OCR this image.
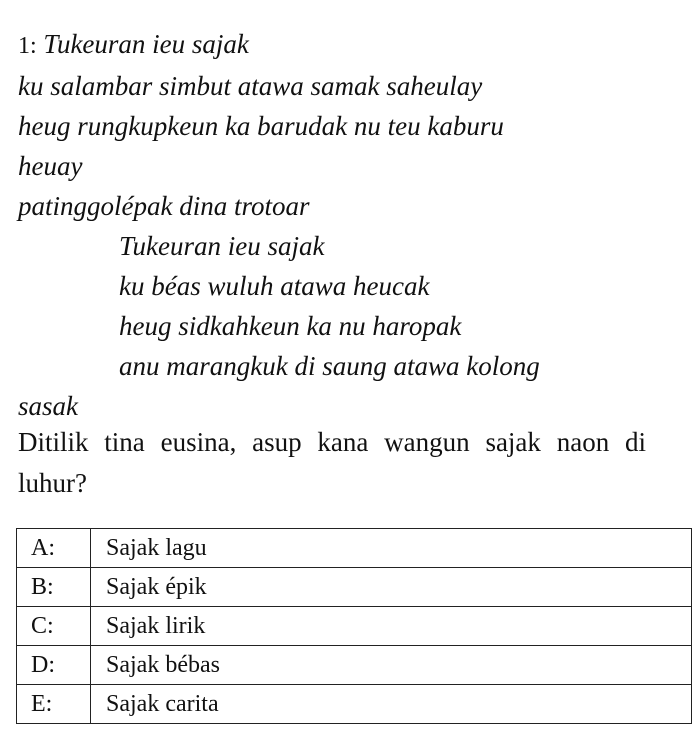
1: Tukeuran ieu sajak
ku salambar simbut atawa samak saheulay
heug rungkupkeun ka barudak nu teu kaburu
heuay
patinggolépak dina trotoar
Tukeuran ieu sajak
ku béas wuluh atawa heucak
heug sidkahkeun ka nu haropak
anu marangkuk di saung atawa kolong
sasak
Ditilik tina eusina, asup kana wangun sajak naon di luhur?
A:	Sajak lagu
B:	Sajak épik
C:	Sajak lirik
D:	Sajak bébas
E:	Sajak carita
